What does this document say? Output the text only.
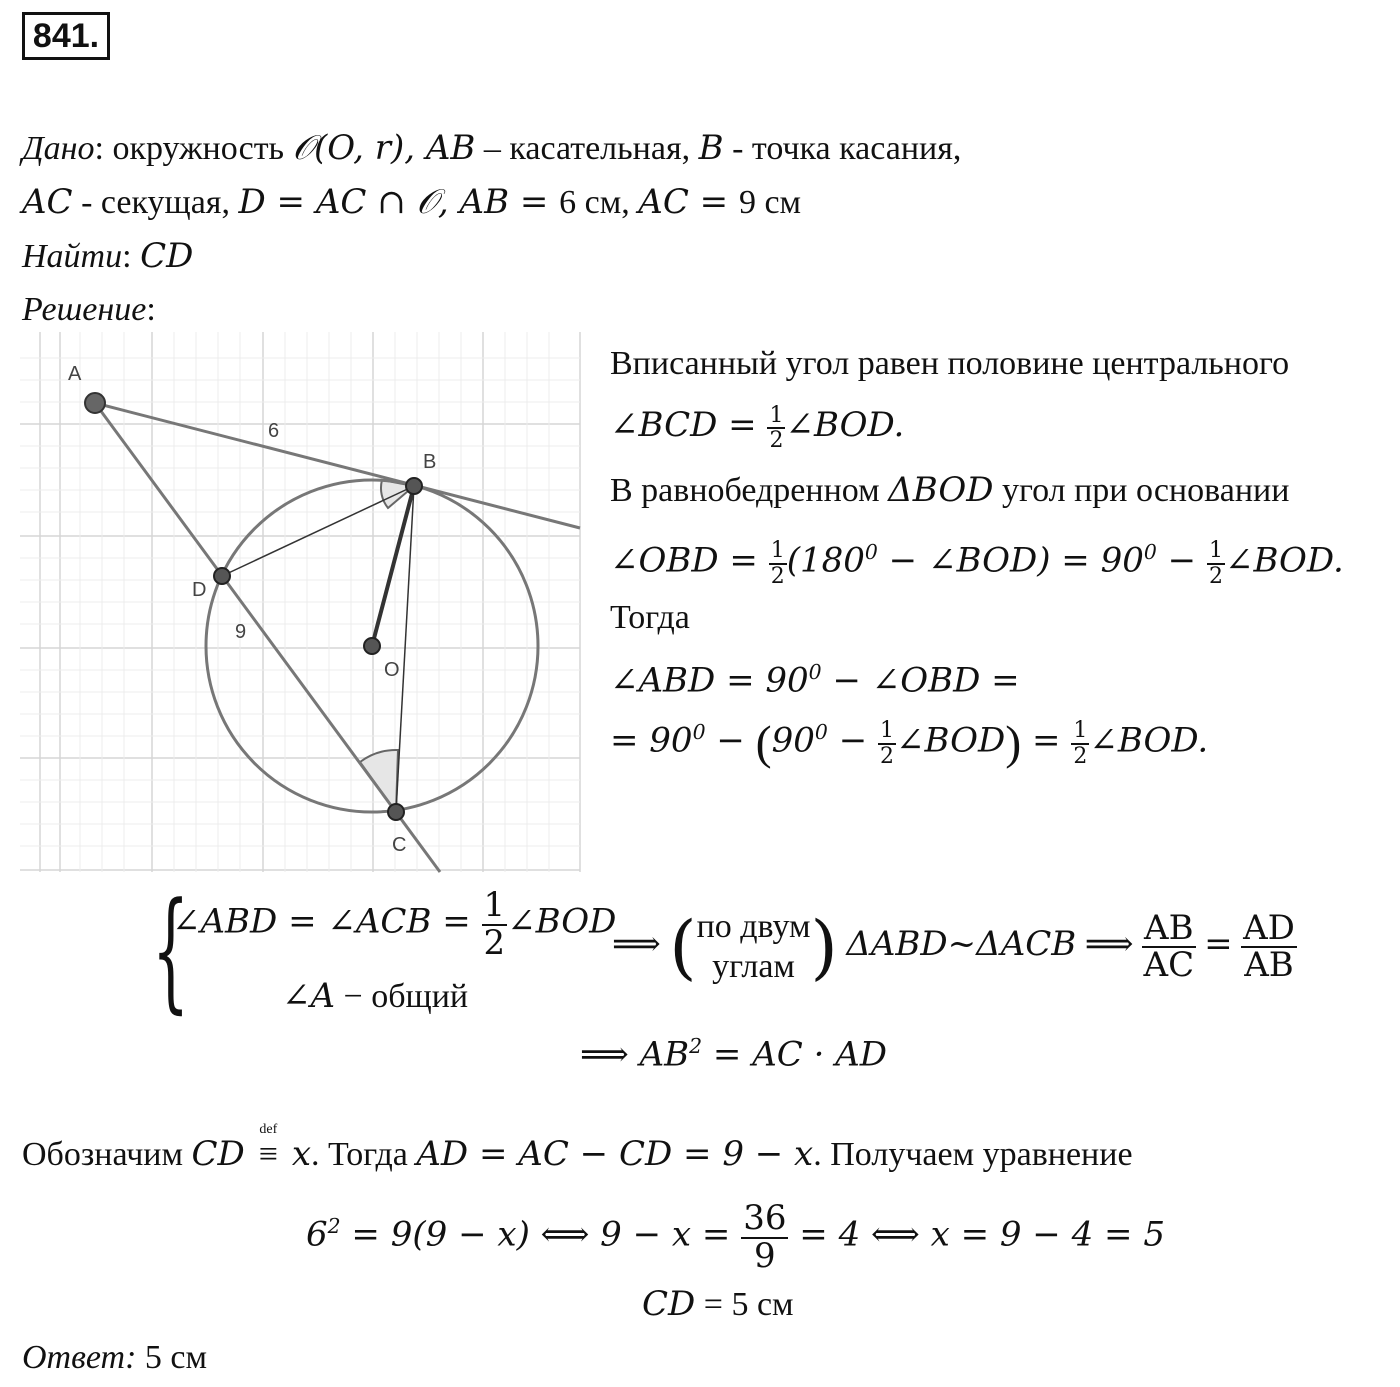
841.
Дано: окружность 𝒪(O, r), AB – касательная, B - точка касания,
AC - секущая, D = AC ∩ 𝒪, AB = 6 см, AC = 9 см
Найти: CD
Решение:
A
B
D
O
C
6
9
Вписанный угол равен половине центрального
∠BCD = $\frac{1}{2}$ ∠BOD.
В равнобедренном ΔBOD угол при основании
∠OBD = $\frac{1}{2} (180^0$ − ∠BOD) = $90^0 - \frac{1}{2}$ ∠BOD.
Тогда
∠ABD = $90^0$ − ∠OBD =
= $90^0 - (90^0 - \frac{1}{2}$ ∠BOD) = $\frac{1}{2}$ ∠BOD.
{
∠ABD = ∠ACB = $\frac{1}{2}$ ∠BOD
∠A − общий
⟹ ( по двум
углам ) ΔABD~ΔACB ⟹ $\frac{AB}{AC} = \frac{AD}{AB}$
⟹ $AB^2$ = AC · AD
Обозначим CD
def
≡ x. Тогда AD = AC − CD = 9 − x. Получаем уравнение
$6^2 = 9(9 - x)$ ⟺ $9 - x = \frac{36}{9} = 4$ ⟺ x = 9 − 4 = 5
CD = 5 см
Ответ: 5 см
